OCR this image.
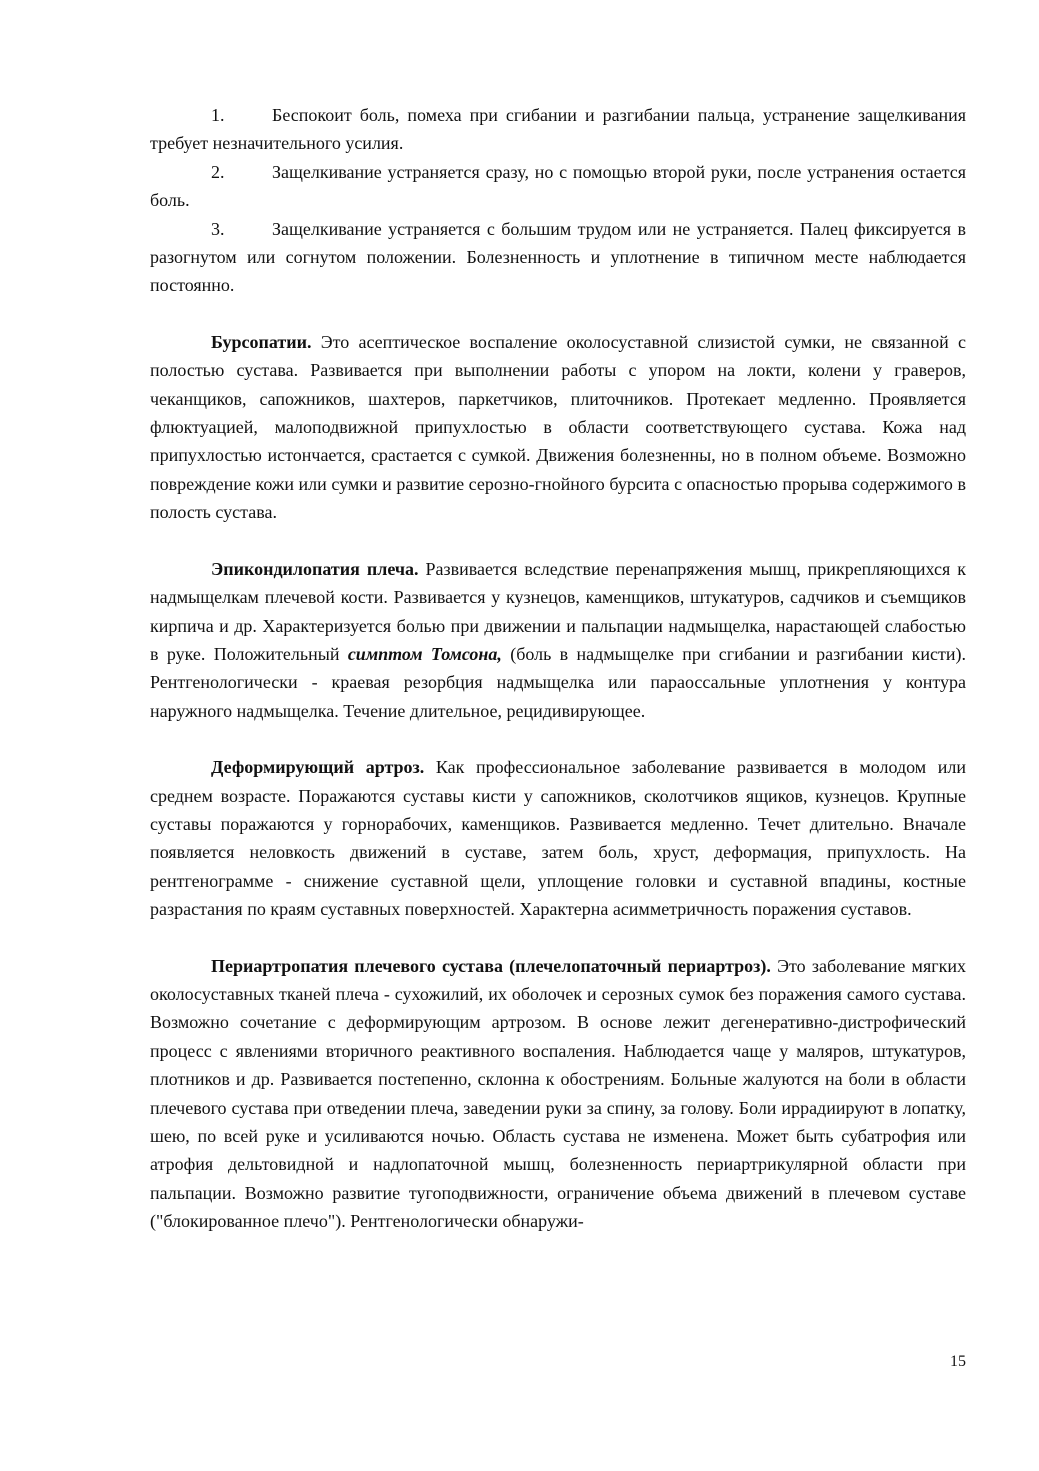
1.	Беспокоит боль, помеха при сгибании и разгибании пальца, устранение защелкивания требует незначительного усилия.

2.	Защелкивание устраняется сразу, но с помощью второй руки, после устранения остается боль.

3.	Защелкивание устраняется с большим трудом или не устраняется. Палец фиксируется в разогнутом или согнутом положении. Болезненность и уплотнение в типичном месте наблюдается постоянно.

Бурсопатии. Это асептическое воспаление околосуставной слизистой сумки, не связанной с полостью сустава. Развивается при выполнении работы с упором на локти, колени у граверов, чеканщиков, сапожников, шахтеров, паркетчиков, плиточников. Протекает медленно. Проявляется флюктуацией, малоподвижной припухлостью в области соответствующего сустава. Кожа над припухлостью истончается, срастается с сумкой. Движения болезненны, но в полном объеме. Возможно повреждение кожи или сумки и развитие серозно-гнойного бурсита с опасностью прорыва содержимого в полость сустава.

Эпикондилопатия плеча. Развивается вследствие перенапряжения мышц, прикрепляющихся к надмыщелкам плечевой кости. Развивается у кузнецов, каменщиков, штукатуров, садчиков и съемщиков кирпича и др. Характеризуется болью при движении и пальпации надмыщелка, нарастающей слабостью в руке. Положительный симптом Томсона, (боль в надмыщелке при сгибании и разгибании кисти). Рентгенологически - краевая резорбция надмыщелка или параоссальные уплотнения у контура наружного надмыщелка. Течение длительное, рецидивирующее.

Деформирующий артроз. Как профессиональное заболевание развивается в молодом или среднем возрасте. Поражаются суставы кисти у сапожников, сколотчиков ящиков, кузнецов. Крупные суставы поражаются у горнорабочих, каменщиков. Развивается медленно. Течет длительно. Вначале появляется неловкость движений в суставе, затем боль, хруст, деформация, припухлость. На рентгенограмме - снижение суставной щели, уплощение головки и суставной впадины, костные разрастания по краям суставных поверхностей. Характерна асимметричность поражения суставов.

Периартропатия плечевого сустава (плечелопаточный периартроз). Это заболевание мягких околосуставных тканей плеча - сухожилий, их оболочек и серозных сумок без поражения самого сустава. Возможно сочетание с деформирующим артрозом. В основе лежит дегенеративно-дистрофический процесс с явлениями вторичного реактивного воспаления. Наблюдается чаще у маляров, штукатуров, плотников и др. Развивается постепенно, склонна к обострениям. Больные жалуются на боли в области плечевого сустава при отведении плеча, заведении руки за спину, за голову. Боли иррадиируют в лопатку, шею, по всей руке и усиливаются ночью. Область сустава не изменена. Может быть субатрофия или атрофия дельтовидной и надлопаточной мышц, болезненность периартрикулярной области при пальпации. Возможно развитие тугоподвижности, ограничение объема движений в плечевом суставе ("блокированное плечо"). Рентгенологически обнаружи-

15
